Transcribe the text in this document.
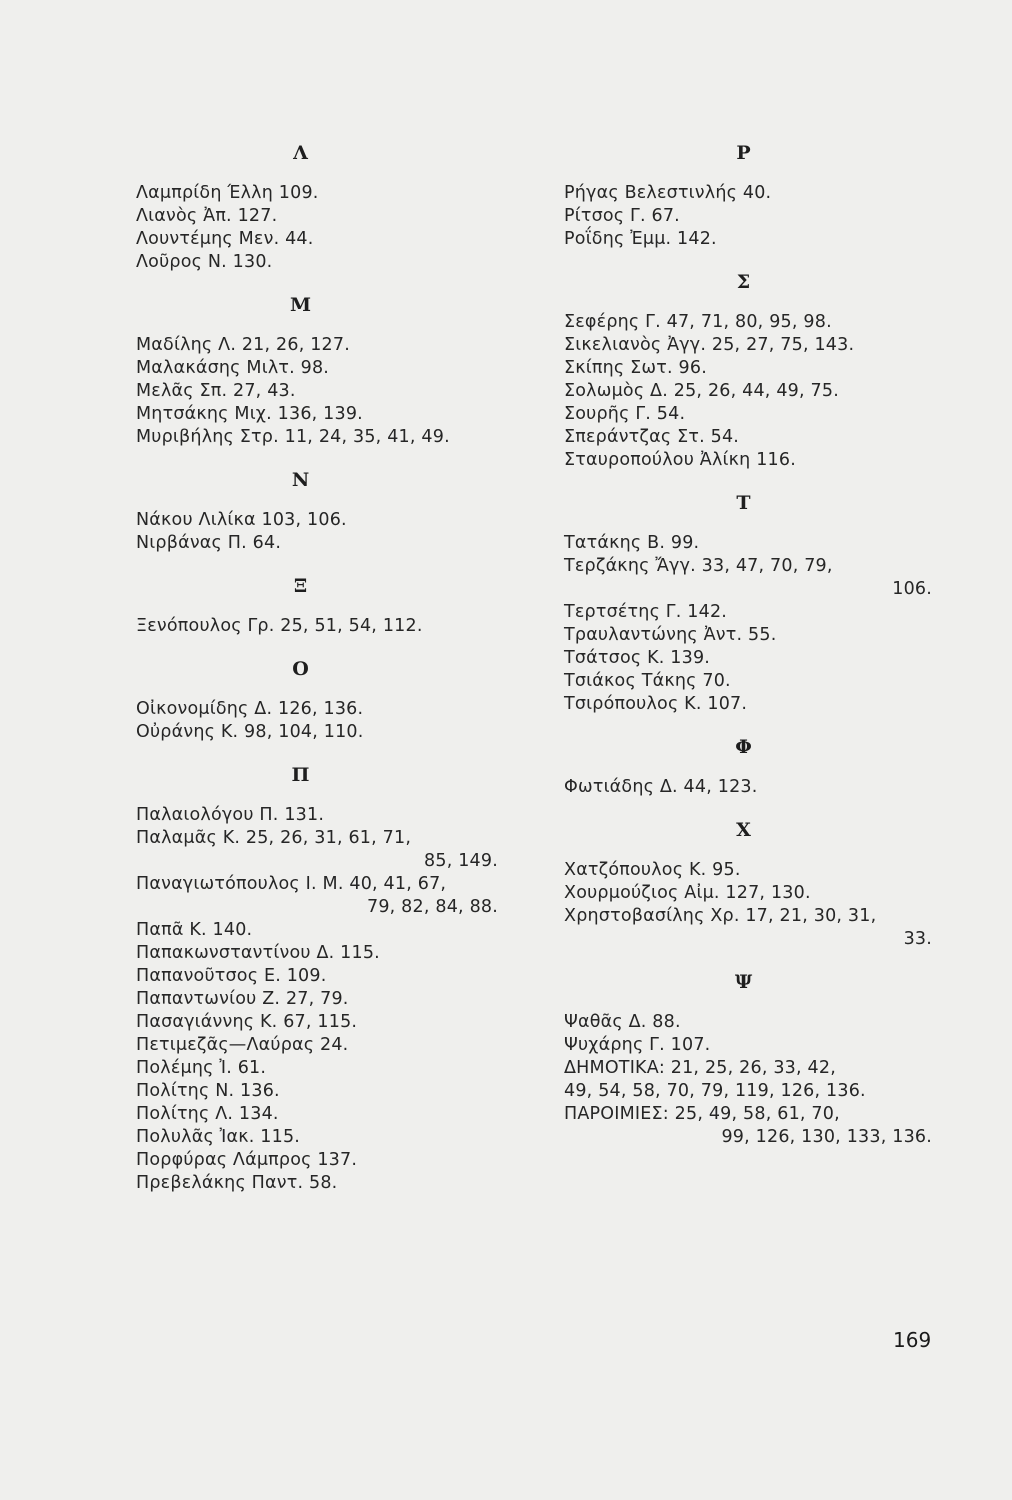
Λ
Λαμπρίδη Έλλη 109.
Λιανὸς Ἀπ. 127.
Λουντέμης Μεν. 44.
Λοῦρος Ν. 130.
Μ
Μαδίλης Λ. 21, 26, 127.
Μαλακάσης Μιλτ. 98.
Μελᾶς Σπ. 27, 43.
Μητσάκης Μιχ. 136, 139.
Μυριβήλης Στρ. 11, 24, 35, 41, 49.
Ν
Νάκου Λιλίκα 103, 106.
Νιρβάνας Π. 64.
Ξ
Ξενόπουλος Γρ. 25, 51, 54, 112.
Ο
Οἰκονομίδης Δ. 126, 136.
Οὐράνης Κ. 98, 104, 110.
Π
Παλαιολόγου Π. 131.
Παλαμᾶς Κ. 25, 26, 31, 61, 71,
85, 149.
Παναγιωτόπουλος Ι. Μ. 40, 41, 67,
79, 82, 84, 88.
Παπᾶ Κ. 140.
Παπακωνσταντίνου Δ. 115.
Παπανοῦτσος Ε. 109.
Παπαντωνίου Ζ. 27, 79.
Πασαγιάννης Κ. 67, 115.
Πετιμεζᾶς—Λαύρας 24.
Πολέμης Ἰ. 61.
Πολίτης Ν. 136.
Πολίτης Λ. 134.
Πολυλᾶς Ἰακ. 115.
Πορφύρας Λάμπρος 137.
Πρεβελάκης Παντ. 58.
Ρ
Ρήγας Βελεστινλής 40.
Ρίτσος Γ. 67.
Ροΐδης Ἐμμ. 142.
Σ
Σεφέρης Γ. 47, 71, 80, 95, 98.
Σικελιανὸς Ἀγγ. 25, 27, 75, 143.
Σκίπης Σωτ. 96.
Σολωμὸς Δ. 25, 26, 44, 49, 75.
Σουρῆς Γ. 54.
Σπεράντζας Στ. 54.
Σταυροπούλου Ἀλίκη 116.
Τ
Τατάκης Β. 99.
Τερζάκης Ἄγγ. 33, 47, 70, 79,
106.
Τερτσέτης Γ. 142.
Τραυλαντώνης Ἀντ. 55.
Τσάτσος Κ. 139.
Τσιάκος Τάκης 70.
Τσιρόπουλος Κ. 107.
Φ
Φωτιάδης Δ. 44, 123.
Χ
Χατζόπουλος Κ. 95.
Χουρμούζιος Αἰμ. 127, 130.
Χρηστοβασίλης Χρ. 17, 21, 30, 31,
33.
Ψ
Ψαθᾶς Δ. 88.
Ψυχάρης Γ. 107.
ΔΗΜΟΤΙΚΑ: 21, 25, 26, 33, 42,
49, 54, 58, 70, 79, 119, 126, 136.
ΠΑΡΟΙΜΙΕΣ: 25, 49, 58, 61, 70,
99, 126, 130, 133, 136.
169
